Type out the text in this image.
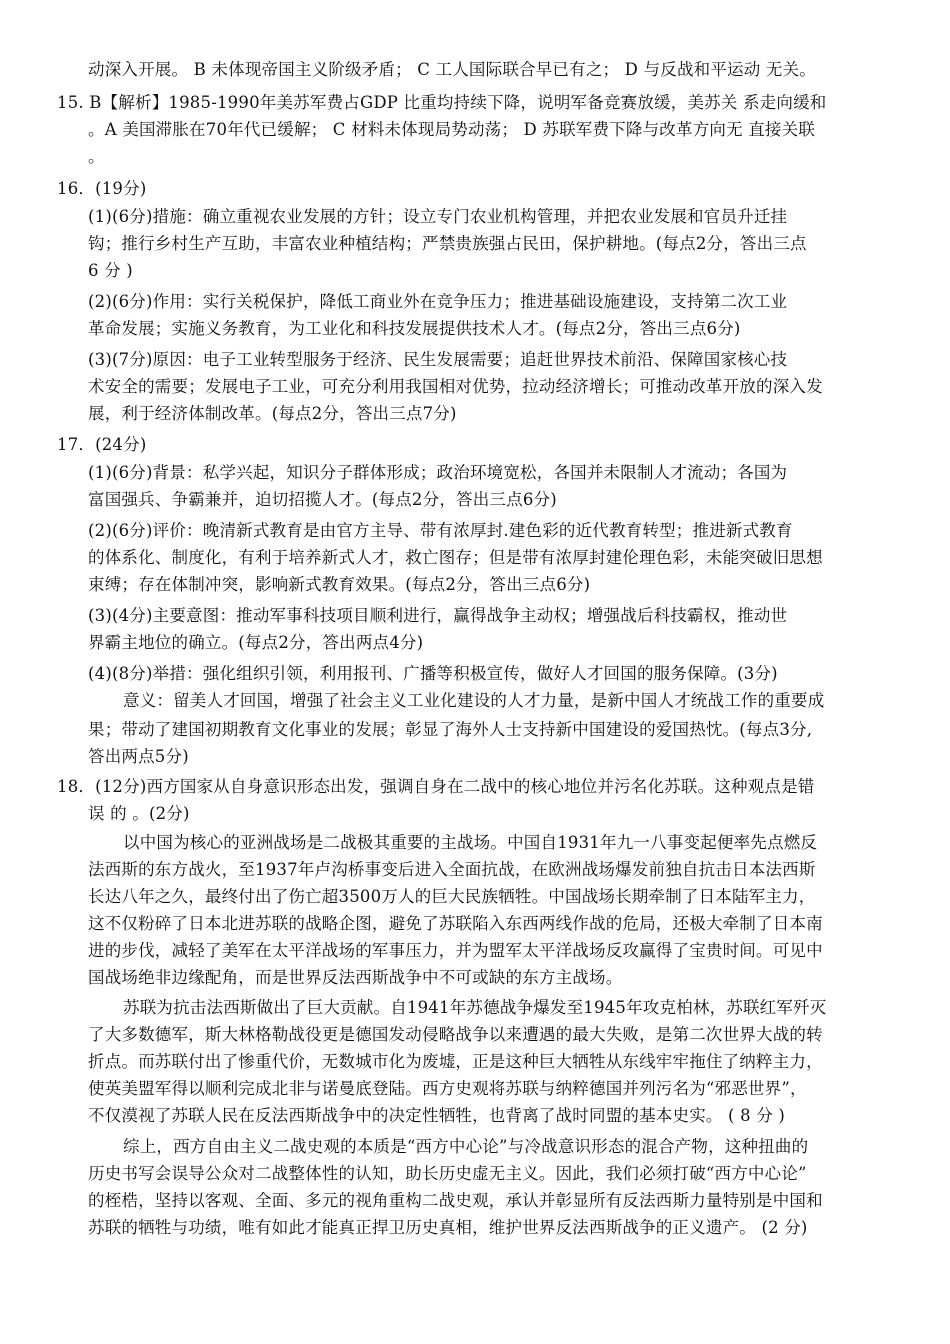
动深入开展。 B 未体现帝国主义阶级矛盾； C 工人国际联合早已有之； D 与反战和平运动 无关。
15. B【解析】1985-1990年美苏军费占GDP 比重均持续下降，说明军备竞赛放缓，美苏关 系走向缓和
。A 美国滞胀在70年代已缓解； C 材料未体现局势动荡； D 苏联军费下降与改革方向无 直接关联
。
16．(19分)
(1)(6分)措施：确立重视农业发展的方针；设立专门农业机构管理，并把农业发展和官员升迁挂
钩；推行乡村生产互助，丰富农业种植结构；严禁贵族强占民田，保护耕地。(每点2分，答出三点
6 分 )
(2)(6分)作用：实行关税保护，降低工商业外在竞争压力；推进基础设施建设，支持第二次工业
革命发展；实施义务教育，为工业化和科技发展提供技术人才。(每点2分，答出三点6分)
(3)(7分)原因：电子工业转型服务于经济、民生发展需要；追赶世界技术前沿、保障国家核心技
术安全的需要；发展电子工业，可充分利用我国相对优势，拉动经济增长；可推动改革开放的深入发
展，利于经济体制改革。(每点2分，答出三点7分)
17．(24分)
(1)(6分)背景：私学兴起，知识分子群体形成；政治环境宽松，各国并未限制人才流动；各国为
富国强兵、争霸兼并，迫切招揽人才。(每点2分，答出三点6分)
(2)(6分)评价：晚清新式教育是由官方主导、带有浓厚封.建色彩的近代教育转型；推进新式教育
的体系化、制度化，有利于培养新式人才，救亡图存；但是带有浓厚封建伦理色彩，未能突破旧思想
束缚；存在体制冲突，影响新式教育效果。(每点2分，答出三点6分)
(3)(4分)主要意图：推动军事科技项目顺利进行，赢得战争主动权；增强战后科技霸权，推动世
界霸主地位的确立。(每点2分，答出两点4分)
(4)(8分)举措：强化组织引领，利用报刊、广播等积极宣传，做好人才回国的服务保障。(3分)
意义：留美人才回国，增强了社会主义工业化建设的人才力量，是新中国人才统战工作的重要成
果；带动了建国初期教育文化事业的发展；彰显了海外人士支持新中国建设的爱国热忱。(每点3分,
答出两点5分)
18．(12分)西方国家从自身意识形态出发，强调自身在二战中的核心地位并污名化苏联。这种观点是错
误 的 。(2分)
以中国为核心的亚洲战场是二战极其重要的主战场。中国自1931年九一八事变起便率先点燃反
法西斯的东方战火，至1937年卢沟桥事变后进入全面抗战，在欧洲战场爆发前独自抗击日本法西斯
长达八年之久，最终付出了伤亡超3500万人的巨大民族牺牲。中国战场长期牵制了日本陆军主力，
这不仅粉碎了日本北进苏联的战略企图，避免了苏联陷入东西两线作战的危局，还极大牵制了日本南
进的步伐，减轻了美军在太平洋战场的军事压力，并为盟军太平洋战场反攻赢得了宝贵时间。可见中
国战场绝非边缘配角，而是世界反法西斯战争中不可或缺的东方主战场。
苏联为抗击法西斯做出了巨大贡献。自1941年苏德战争爆发至1945年攻克柏林，苏联红军歼灭
了大多数德军，斯大林格勒战役更是德国发动侵略战争以来遭遇的最大失败，是第二次世界大战的转
折点。而苏联付出了惨重代价，无数城市化为废墟，正是这种巨大牺牲从东线牢牢拖住了纳粹主力，
使英美盟军得以顺利完成北非与诺曼底登陆。西方史观将苏联与纳粹德国并列污名为“邪恶世界”，
不仅漠视了苏联人民在反法西斯战争中的决定性牺牲，也背离了战时同盟的基本史实。 ( 8 分 )
综上，西方自由主义二战史观的本质是“西方中心论”与冷战意识形态的混合产物，这种扭曲的
历史书写会误导公众对二战整体性的认知，助长历史虚无主义。因此，我们必须打破“西方中心论”
的桎梏，坚持以客观、全面、多元的视角重构二战史观，承认并彰显所有反法西斯力量特别是中国和
苏联的牺牲与功绩，唯有如此才能真正捍卫历史真相，维护世界反法西斯战争的正义遗产。 (2 分)
